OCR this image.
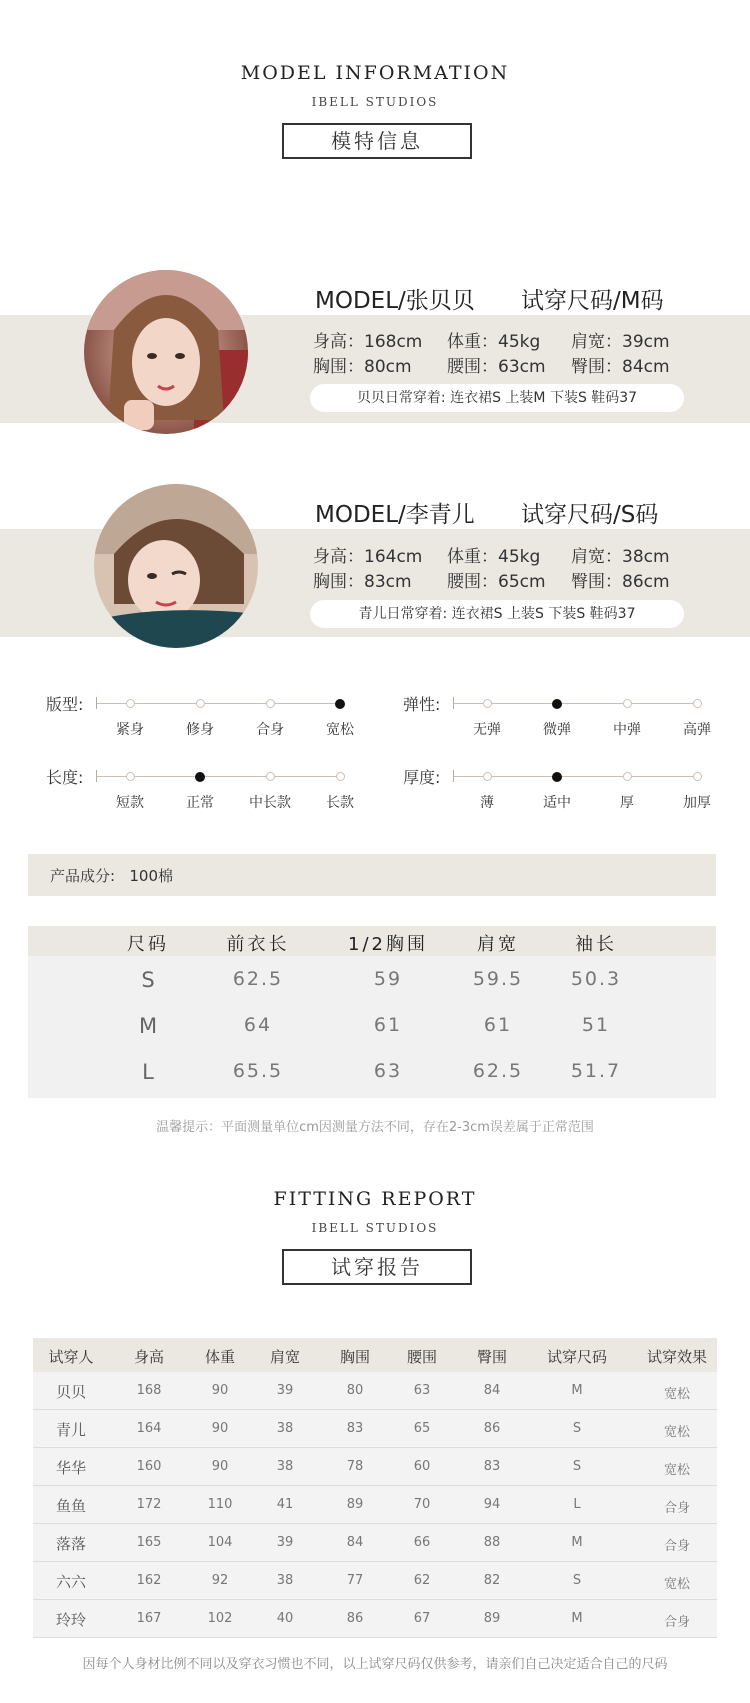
MODEL INFORMATION
IBELL STUDIOS
模特信息
MODEL/张贝贝 试穿尺码/M码
身高：168cm 体重：45kg 肩宽：39cm
胸围：80cm 腰围：63cm 臀围：84cm
贝贝日常穿着: 连衣裙S 上装M 下装S 鞋码37
MODEL/李青儿 试穿尺码/S码
身高：164cm 体重：45kg 肩宽：38cm
胸围：83cm 腰围：65cm 臀围：86cm
青儿日常穿着: 连衣裙S 上装S 下装S 鞋码37
版型:
紧身	修身	合身	宽松
弹性:
无弹	微弹	中弹	高弹
长度:
短款	正常	中长款	长款
厚度:
薄	适中	厚	加厚
产品成分:   100棉
尺码	前衣长	1/2胸围	肩宽	袖长
S	62.5	59	59.5	50.3
M	64	61	61	51
L	65.5	63	62.5	51.7
温馨提示：平面测量单位cm因测量方法不同，存在2-3cm误差属于正常范围
FITTING REPORT
IBELL STUDIOS
试穿报告
试穿人	身高	体重	肩宽	胸围	腰围	臀围	试穿尺码	试穿效果
贝贝	168	90	39	80	63	84	M	宽松
青儿	164	90	38	83	65	86	S	宽松
华华	160	90	38	78	60	83	S	宽松
鱼鱼	172	110	41	89	70	94	L	合身
落落	165	104	39	84	66	88	M	合身
六六	162	92	38	77	62	82	S	宽松
玲玲	167	102	40	86	67	89	M	合身
因每个人身材比例不同以及穿衣习惯也不同，以上试穿尺码仅供参考，请亲们自己决定适合自己的尺码
